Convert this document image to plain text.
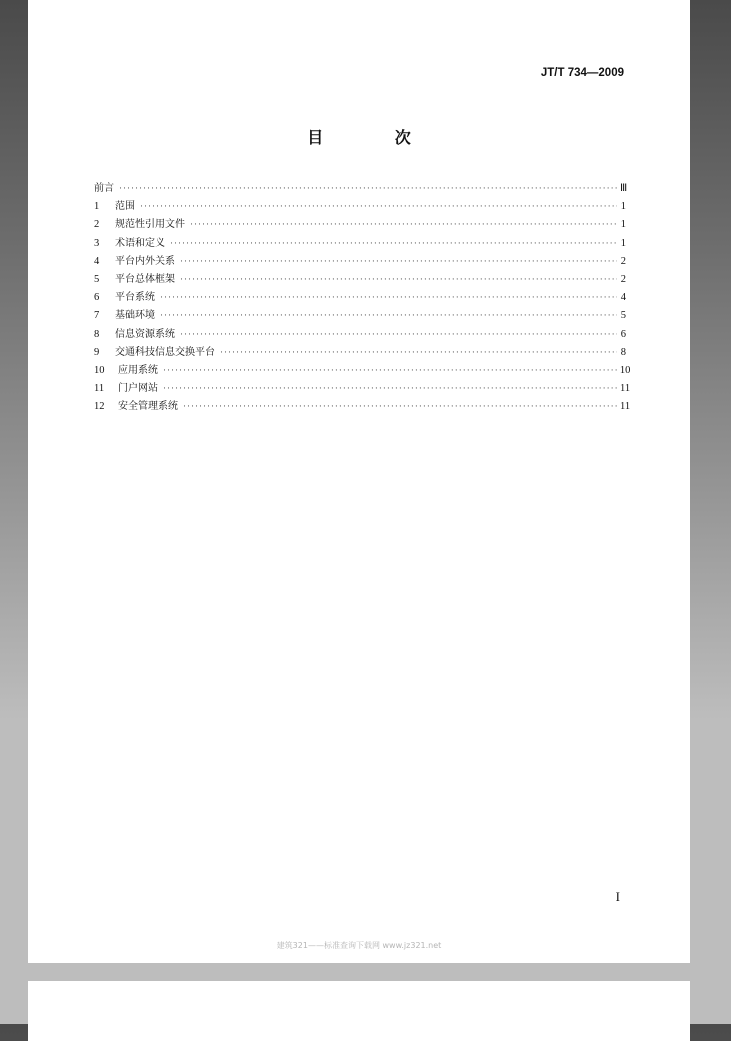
JT/T 734—2009
目 次
前言 ·····	Ⅲ
1	范围 ·····	1
2	规范性引用文件 ·····	1
3	术语和定义 ·····	1
4	平台内外关系 ·····	2
5	平台总体框架 ·····	2
6	平台系统 ·····	4
7	基础环境 ·····	5
8	信息资源系统 ·····	6
9	交通科技信息交换平台 ·····	8
10	应用系统 ·····	10
11	门户网站 ·····	11
12	安全管理系统 ·····	11
I
建筑321——标准查询下载网 www.jz321.net
